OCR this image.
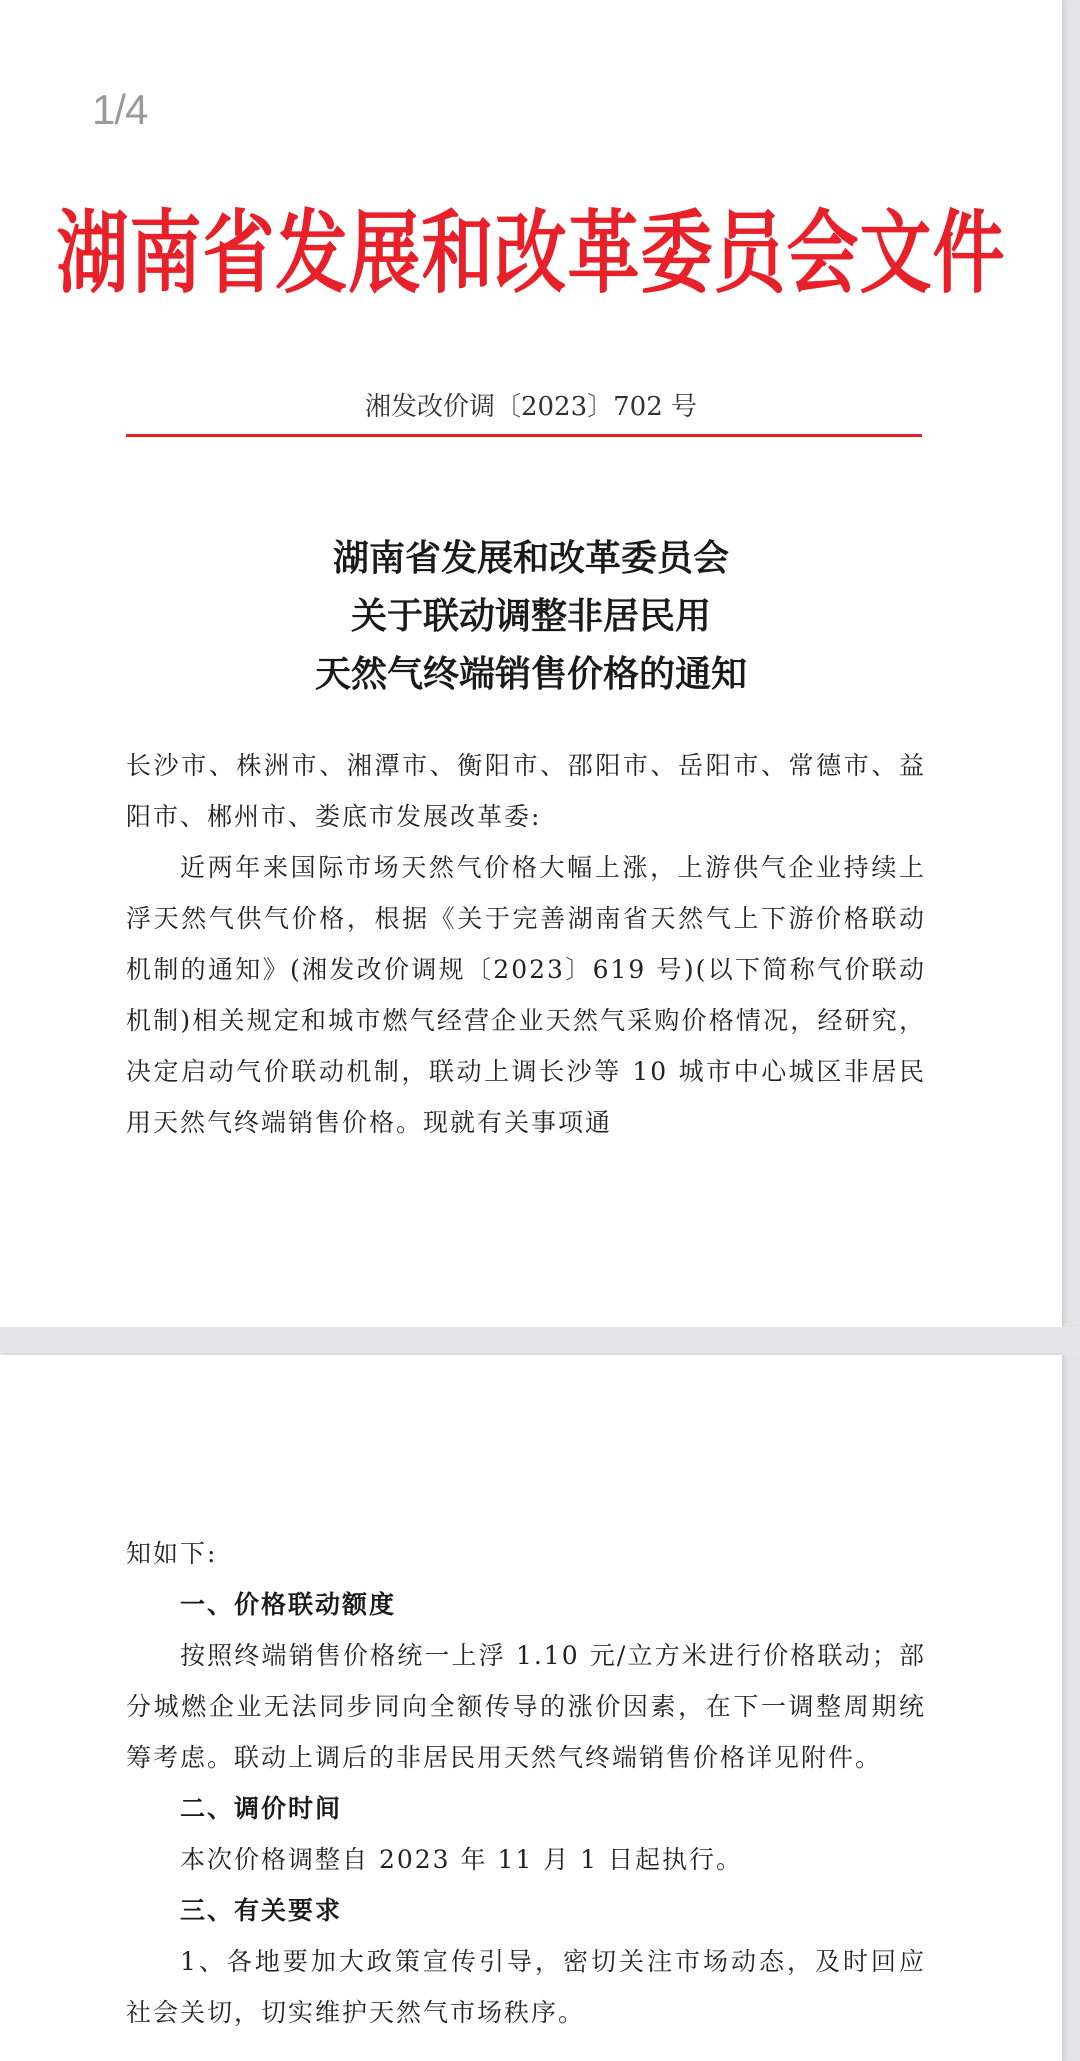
1/4
湖南省发展和改革委员会文件
湘发改价调〔2023〕702 号
湖南省发展和改革委员会
关于联动调整非居民用
天然气终端销售价格的通知

长沙市、株洲市、湘潭市、衡阳市、邵阳市、岳阳市、常德市、益阳市、郴州市、娄底市发展改革委:

近两年来国际市场天然气价格大幅上涨，上游供气企业持续上浮天然气供气价格，根据《关于完善湖南省天然气上下游价格联动机制的通知》(湘发改价调规〔2023〕619 号)(以下简称气价联动机制)相关规定和城市燃气经营企业天然气采购价格情况，经研究，决定启动气价联动机制，联动上调长沙等 10 城市中心城区非居民用天然气终端销售价格。现就有关事项通

知如下:

一、价格联动额度

按照终端销售价格统一上浮 1.10 元/立方米进行价格联动；部分城燃企业无法同步同向全额传导的涨价因素，在下一调整周期统筹考虑。联动上调后的非居民用天然气终端销售价格详见附件。

二、调价时间

本次价格调整自 2023 年 11 月 1 日起执行。

三、有关要求

1、各地要加大政策宣传引导，密切关注市场动态，及时回应社会关切，切实维护天然气市场秩序。
